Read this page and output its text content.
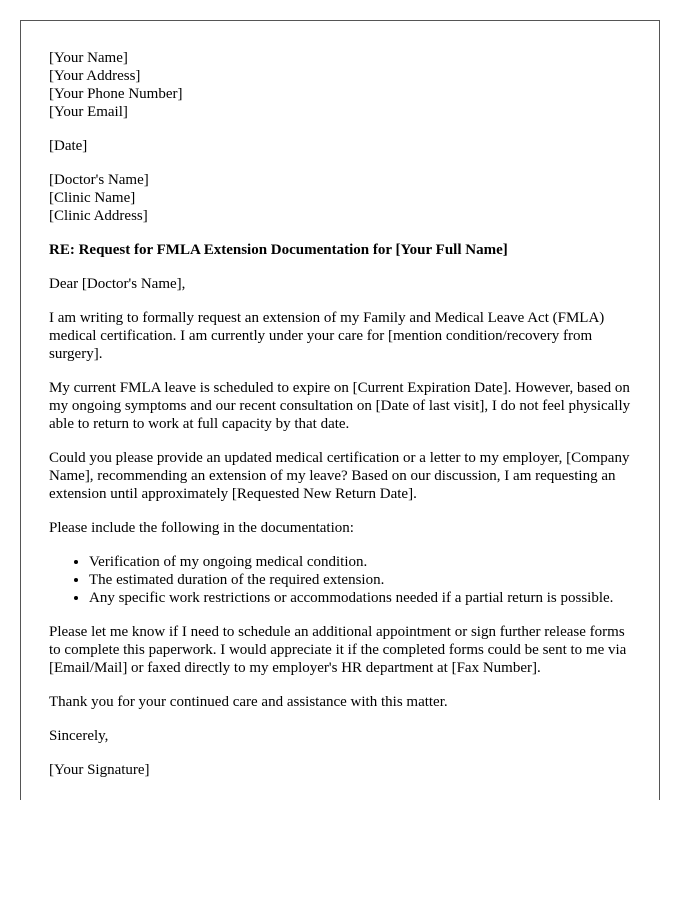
[Your Name]
[Your Address]
[Your Phone Number]
[Your Email]
[Date]
[Doctor's Name]
[Clinic Name]
[Clinic Address]
RE: Request for FMLA Extension Documentation for [Your Full Name]
Dear [Doctor's Name],

I am writing to formally request an extension of my Family and Medical Leave Act (FMLA) medical certification. I am currently under your care for [mention condition/recovery from surgery].

My current FMLA leave is scheduled to expire on [Current Expiration Date]. However, based on my ongoing symptoms and our recent consultation on [Date of last visit], I do not feel physically able to return to work at full capacity by that date.

Could you please provide an updated medical certification or a letter to my employer, [Company Name], recommending an extension of my leave? Based on our discussion, I am requesting an extension until approximately [Requested New Return Date].

Please include the following in the documentation:

• Verification of my ongoing medical condition.
• The estimated duration of the required extension.
• Any specific work restrictions or accommodations needed if a partial return is possible.

Please let me know if I need to schedule an additional appointment or sign further release forms to complete this paperwork. I would appreciate it if the completed forms could be sent to me via [Email/Mail] or faxed directly to my employer's HR department at [Fax Number].

Thank you for your continued care and assistance with this matter.

Sincerely,
[Your Signature]
